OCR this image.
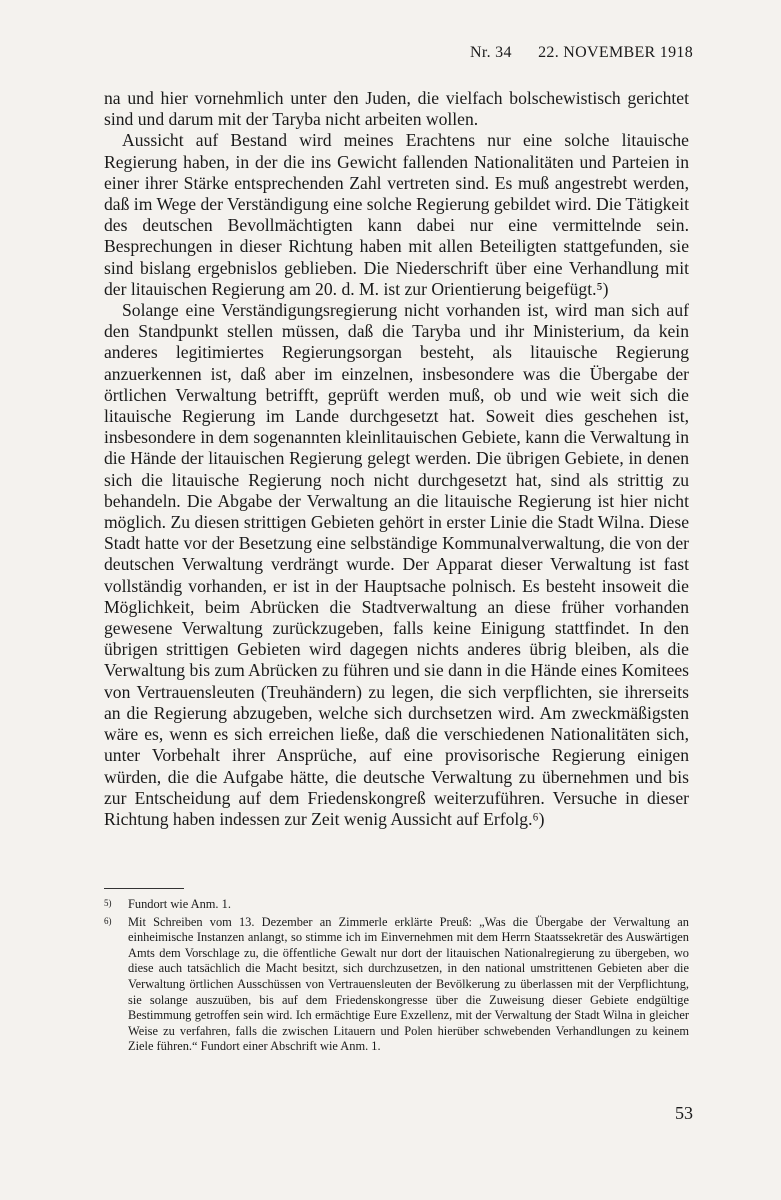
Nr. 34 22. NOVEMBER 1918

na und hier vornehmlich unter den Juden, die vielfach bolschewistisch gerichtet sind und darum mit der Taryba nicht arbeiten wollen.

Aussicht auf Bestand wird meines Erachtens nur eine solche litauische Regierung haben, in der die ins Gewicht fallenden Nationalitäten und Parteien in einer ihrer Stärke entsprechenden Zahl vertreten sind. Es muß angestrebt werden, daß im Wege der Verständigung eine solche Regierung gebildet wird. Die Tätigkeit des deutschen Bevollmächtigten kann dabei nur eine vermittelnde sein. Besprechungen in dieser Richtung haben mit allen Beteiligten stattgefunden, sie sind bislang ergebnislos geblieben. Die Niederschrift über eine Verhandlung mit der litauischen Regierung am 20. d. M. ist zur Orientierung beigefügt.⁵)

Solange eine Verständigungsregierung nicht vorhanden ist, wird man sich auf den Standpunkt stellen müssen, daß die Taryba und ihr Ministerium, da kein anderes legitimiertes Regierungsorgan besteht, als litauische Regierung anzuerkennen ist, daß aber im einzelnen, insbesondere was die Übergabe der örtlichen Verwaltung betrifft, geprüft werden muß, ob und wie weit sich die litauische Regierung im Lande durchgesetzt hat. Soweit dies geschehen ist, insbesondere in dem sogenannten kleinlitauischen Gebiete, kann die Verwaltung in die Hände der litauischen Regierung gelegt werden. Die übrigen Gebiete, in denen sich die litauische Regierung noch nicht durchgesetzt hat, sind als strittig zu behandeln. Die Abgabe der Verwaltung an die litauische Regierung ist hier nicht möglich. Zu diesen strittigen Gebieten gehört in erster Linie die Stadt Wilna. Diese Stadt hatte vor der Besetzung eine selbständige Kommunalverwaltung, die von der deutschen Verwaltung verdrängt wurde. Der Apparat dieser Verwaltung ist fast vollständig vorhanden, er ist in der Hauptsache polnisch. Es besteht insoweit die Möglichkeit, beim Abrücken die Stadtverwaltung an diese früher vorhanden gewesene Verwaltung zurückzugeben, falls keine Einigung stattfindet. In den übrigen strittigen Gebieten wird dagegen nichts anderes übrig bleiben, als die Verwaltung bis zum Abrücken zu führen und sie dann in die Hände eines Komitees von Vertrauensleuten (Treuhändern) zu legen, die sich verpflichten, sie ihrerseits an die Regierung abzugeben, welche sich durchsetzen wird. Am zweckmäßigsten wäre es, wenn es sich erreichen ließe, daß die verschiedenen Nationalitäten sich, unter Vorbehalt ihrer Ansprüche, auf eine provisorische Regierung einigen würden, die die Aufgabe hätte, die deutsche Verwaltung zu übernehmen und bis zur Entscheidung auf dem Friedenskongreß weiterzuführen. Versuche in dieser Richtung haben indessen zur Zeit wenig Aussicht auf Erfolg.⁶)

5) Fundort wie Anm. 1.
6) Mit Schreiben vom 13. Dezember an Zimmerle erklärte Preuß: „Was die Übergabe der Verwaltung an einheimische Instanzen anlangt, so stimme ich im Einvernehmen mit dem Herrn Staatssekretär des Auswärtigen Amts dem Vorschlage zu, die öffentliche Gewalt nur dort der litauischen Nationalregierung zu übergeben, wo diese auch tatsächlich die Macht besitzt, sich durchzusetzen, in den national umstrittenen Gebieten aber die Verwaltung örtlichen Ausschüssen von Vertrauensleuten der Bevölkerung zu überlassen mit der Verpflichtung, sie solange auszuüben, bis auf dem Friedenskongresse über die Zuweisung dieser Gebiete endgültige Bestimmung getroffen sein wird. Ich ermächtige Eure Exzellenz, mit der Verwaltung der Stadt Wilna in gleicher Weise zu verfahren, falls die zwischen Litauern und Polen hierüber schwebenden Verhandlungen zu keinem Ziele führen.“ Fundort einer Abschrift wie Anm. 1.
53
